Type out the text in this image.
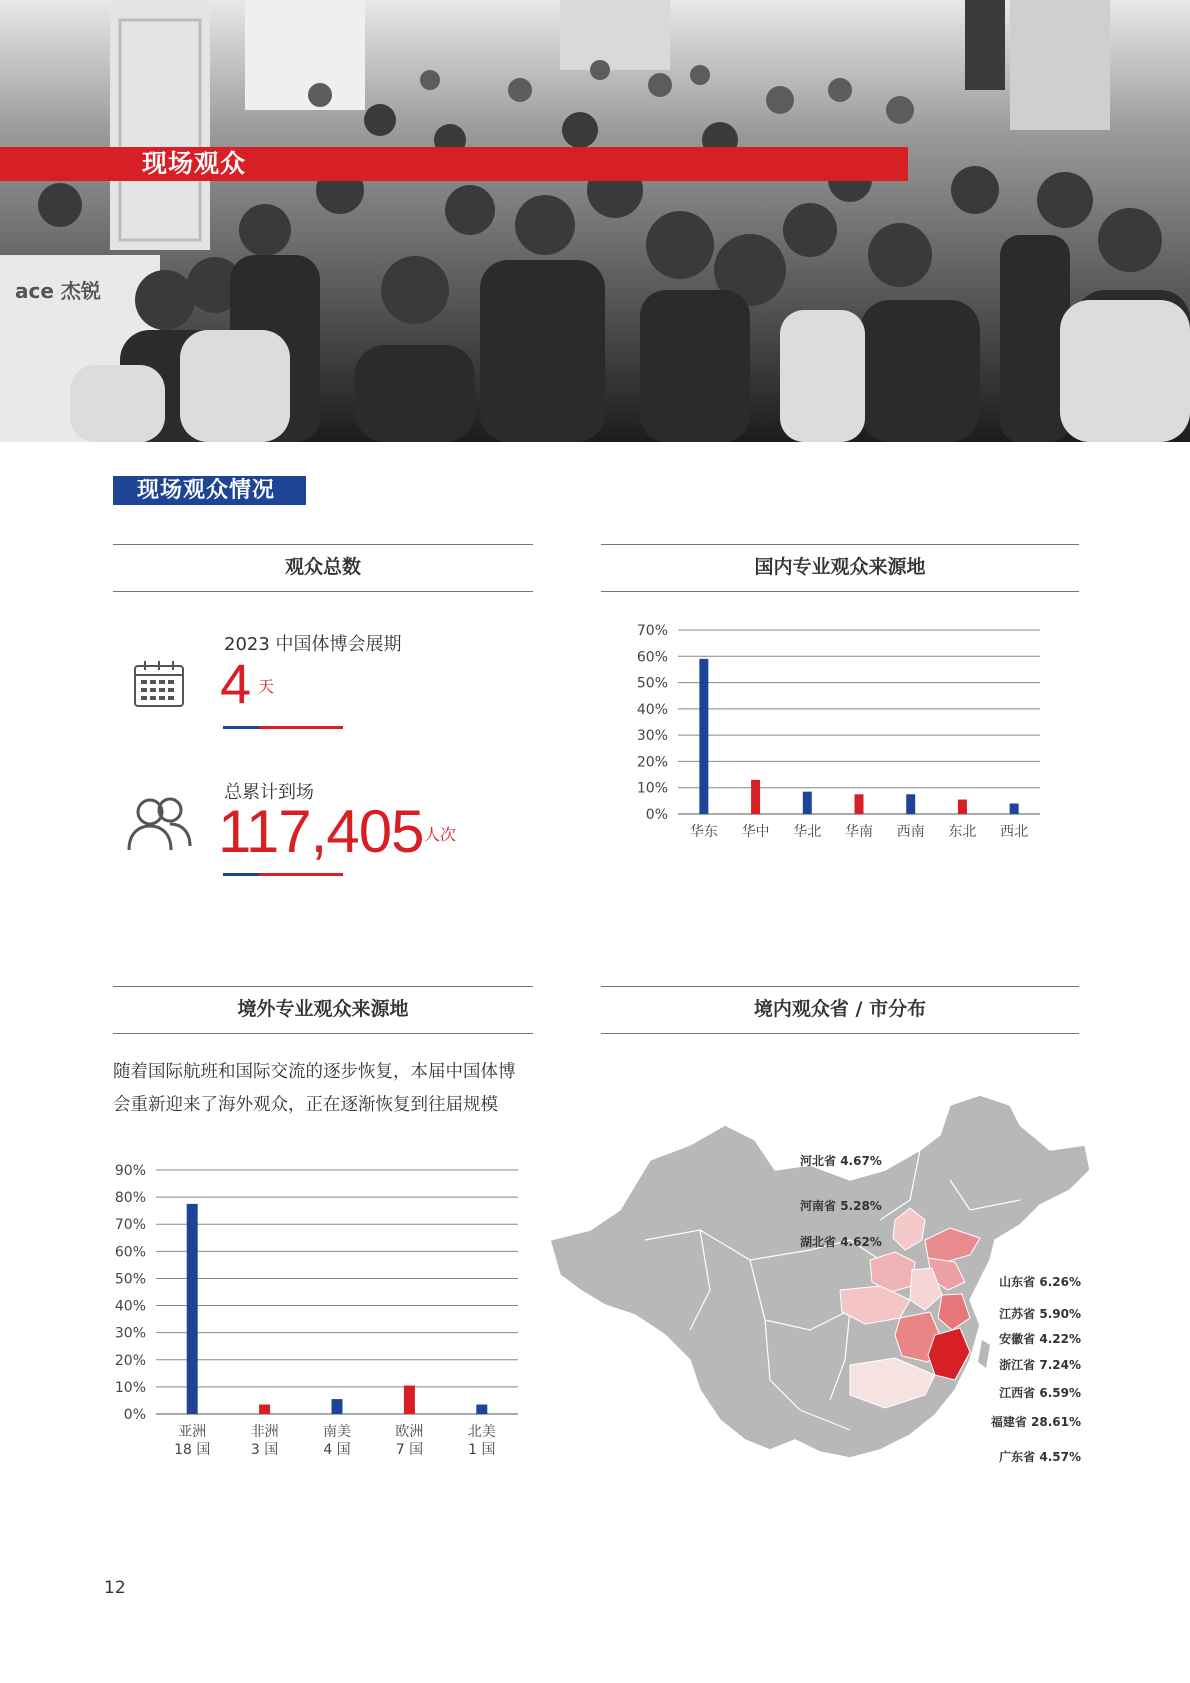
ace 杰锐
现场观众
现场观众情况
观众总数
2023 中国体博会展期
4 天
总累计到场
117,405 人次
国内专业观众来源地
0%
10%
20%
30%
40%
50%
60%
70%
华东 华中 华北 华南 西南 东北 西北
境外专业观众来源地
随着国际航班和国际交流的逐步恢复，本届中国体博
会重新迎来了海外观众，正在逐渐恢复到往届规模
0%
10%
20%
30%
40%
50%
60%
70%
80%
90%
亚洲
18 国
非洲
3 国
南美
4 国
欧洲
7 国
北美
1 国
境内观众省 / 市分布
河北省 4.67%
河南省 5.28%
湖北省 4.62%
山东省 6.26%
江苏省 5.90%
安徽省 4.22%
浙江省 7.24%
江西省 6.59%
福建省 28.61%
广东省 4.57%
12
